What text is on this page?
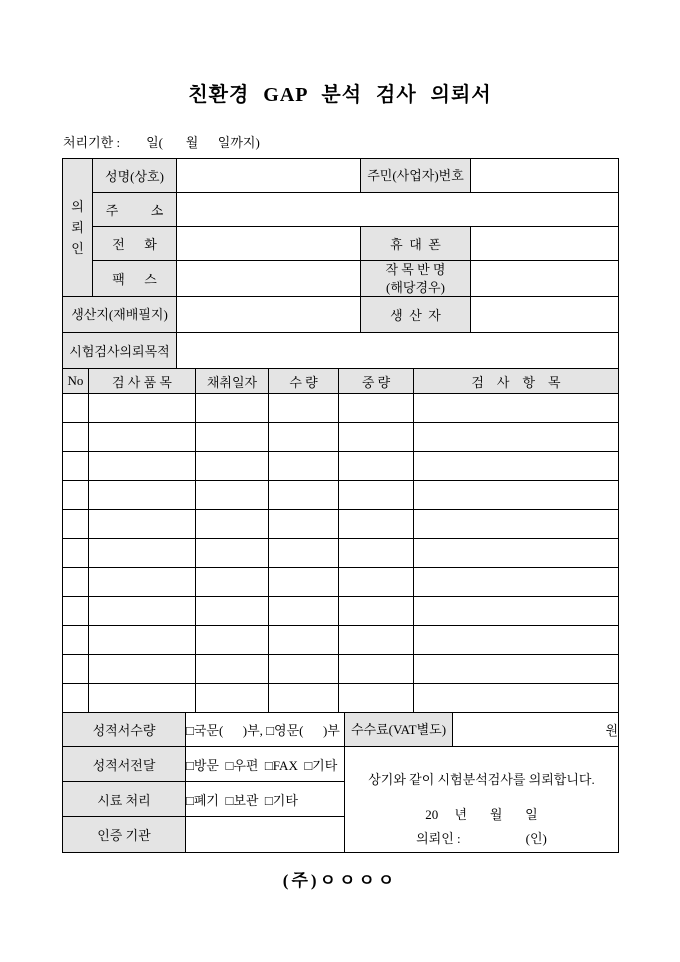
친환경 GAP 분석 검사 의뢰서
처리기한 :        일(       월      일까지)
의뢰인	성명(상호)		주민(사업자)번호	
	주          소			
	전      화		휴  대  폰	
	팩      스		작 목 반 명
(해당경우)	

생산지(재배필지)			생  산  자	
시험검사의뢰목적				
No	검 사 품 목	채취일자	수 량	중 량	검    사    항    목

성적서수량	□국문(      )부, □영문(      )부	수수료(VAT별도)	원
성적서전달	□방문  □우편  □FAX  □기타	상기와 같이 시험분석검사를 의뢰합니다.
20     년       월       일
의뢰인 :                    (인)	

시료 처리	□폐기  □보관  □기타		
인증 기관			
(주)ㅇㅇㅇㅇ
